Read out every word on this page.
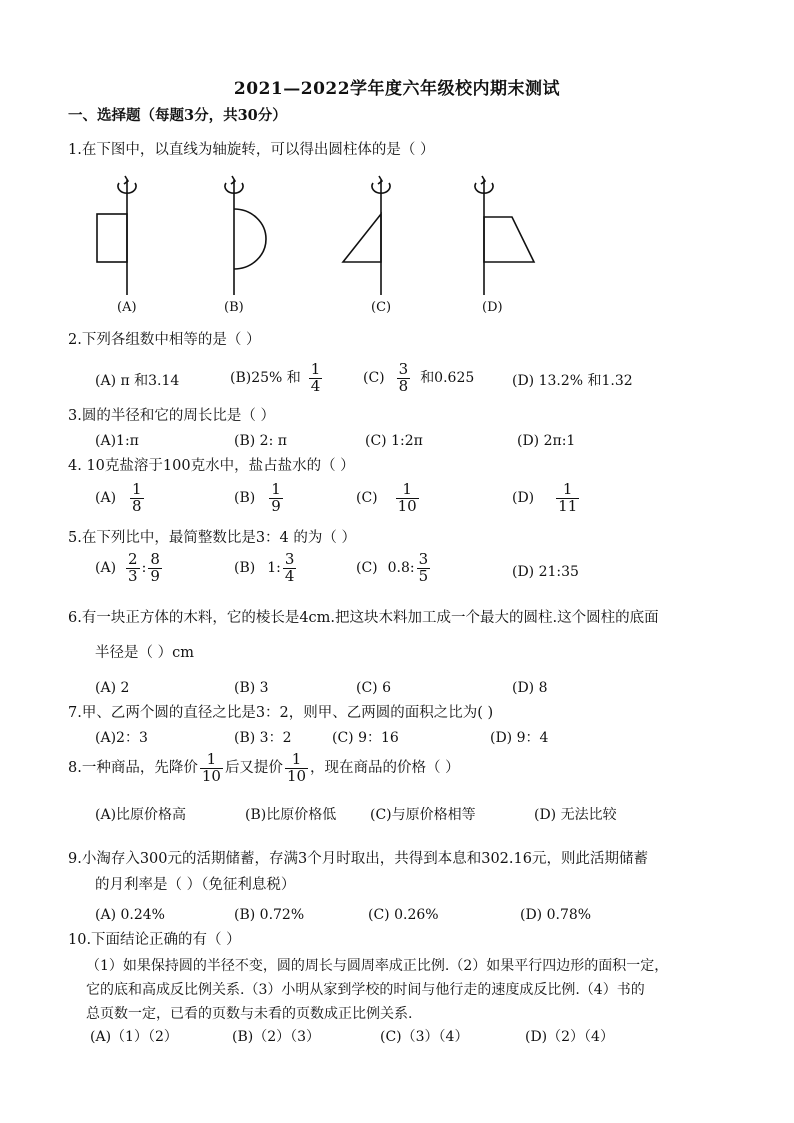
2021—2022学年度六年级校内期末测试
一、选择题（每题3分，共30分）
1.在下图中，以直线为轴旋转，可以得出圆柱体的是（ ）
(A)	(B)	(C)	(D)
2.下列各组数中相等的是（ ）
(A) π 和3.14	(B)25% 和 $\frac{1}{4}$	$(C) \frac{3}{8}$ 和0.625	(D) 13.2% 和1.32
3.圆的半径和它的周长比是（ ）
(A)1:π	(B) 2: π	(C) 1:2π	(D) 2π:1
4. 10克盐溶于100克水中，盐占盐水的（ ）
$(A) \frac{1}{8}$	$(B) \frac{1}{9}$	$(C) \frac{1}{10}$	$(D) \frac{1}{11}$
5.在下列比中，最简整数比是3：4 的为（ ）
$(A) \frac{2}{3}$ : $\frac{8}{9}$	(B) 1: $\frac{3}{4}$	(C) 0.8: $\frac{3}{5}$	(D) 21:35
6.有一块正方体的木料，它的棱长是4cm.把这块木料加工成一个最大的圆柱.这个圆柱的底面
半径是（ ）cm
(A) 2	(B) 3	(C) 6	(D) 8
7.甲、乙两个圆的直径之比是3：2，则甲、乙两圆的面积之比为( )
(A)2：3	(B) 3：2	(C) 9：16	(D) 9：4
8.一种商品，先降价 $\frac{1}{10}$ 后又提价 $\frac{1}{10}$ ，现在商品的价格（ ）
(A)比原价格高	(B)比原价格低 (C)与原价格相等	(D) 无法比较
9.小淘存入300元的活期储蓄，存满3个月时取出，共得到本息和302.16元，则此活期储蓄
的月利率是（ ）（免征利息税）
(A) 0.24%	(B) 0.72%	(C) 0.26%	(D) 0.78%
10.下面结论正确的有（ ）
（1）如果保持圆的半径不变，圆的周长与圆周率成正比例.（2）如果平行四边形的面积一定，
它的底和高成反比例关系.（3）小明从家到学校的时间与他行走的速度成反比例.（4）书的
总页数一定，已看的页数与未看的页数成正比例关系.
(A)（1）（2）	(B)（2）（3）	(C)（3）（4）	(D)（2）（4）
